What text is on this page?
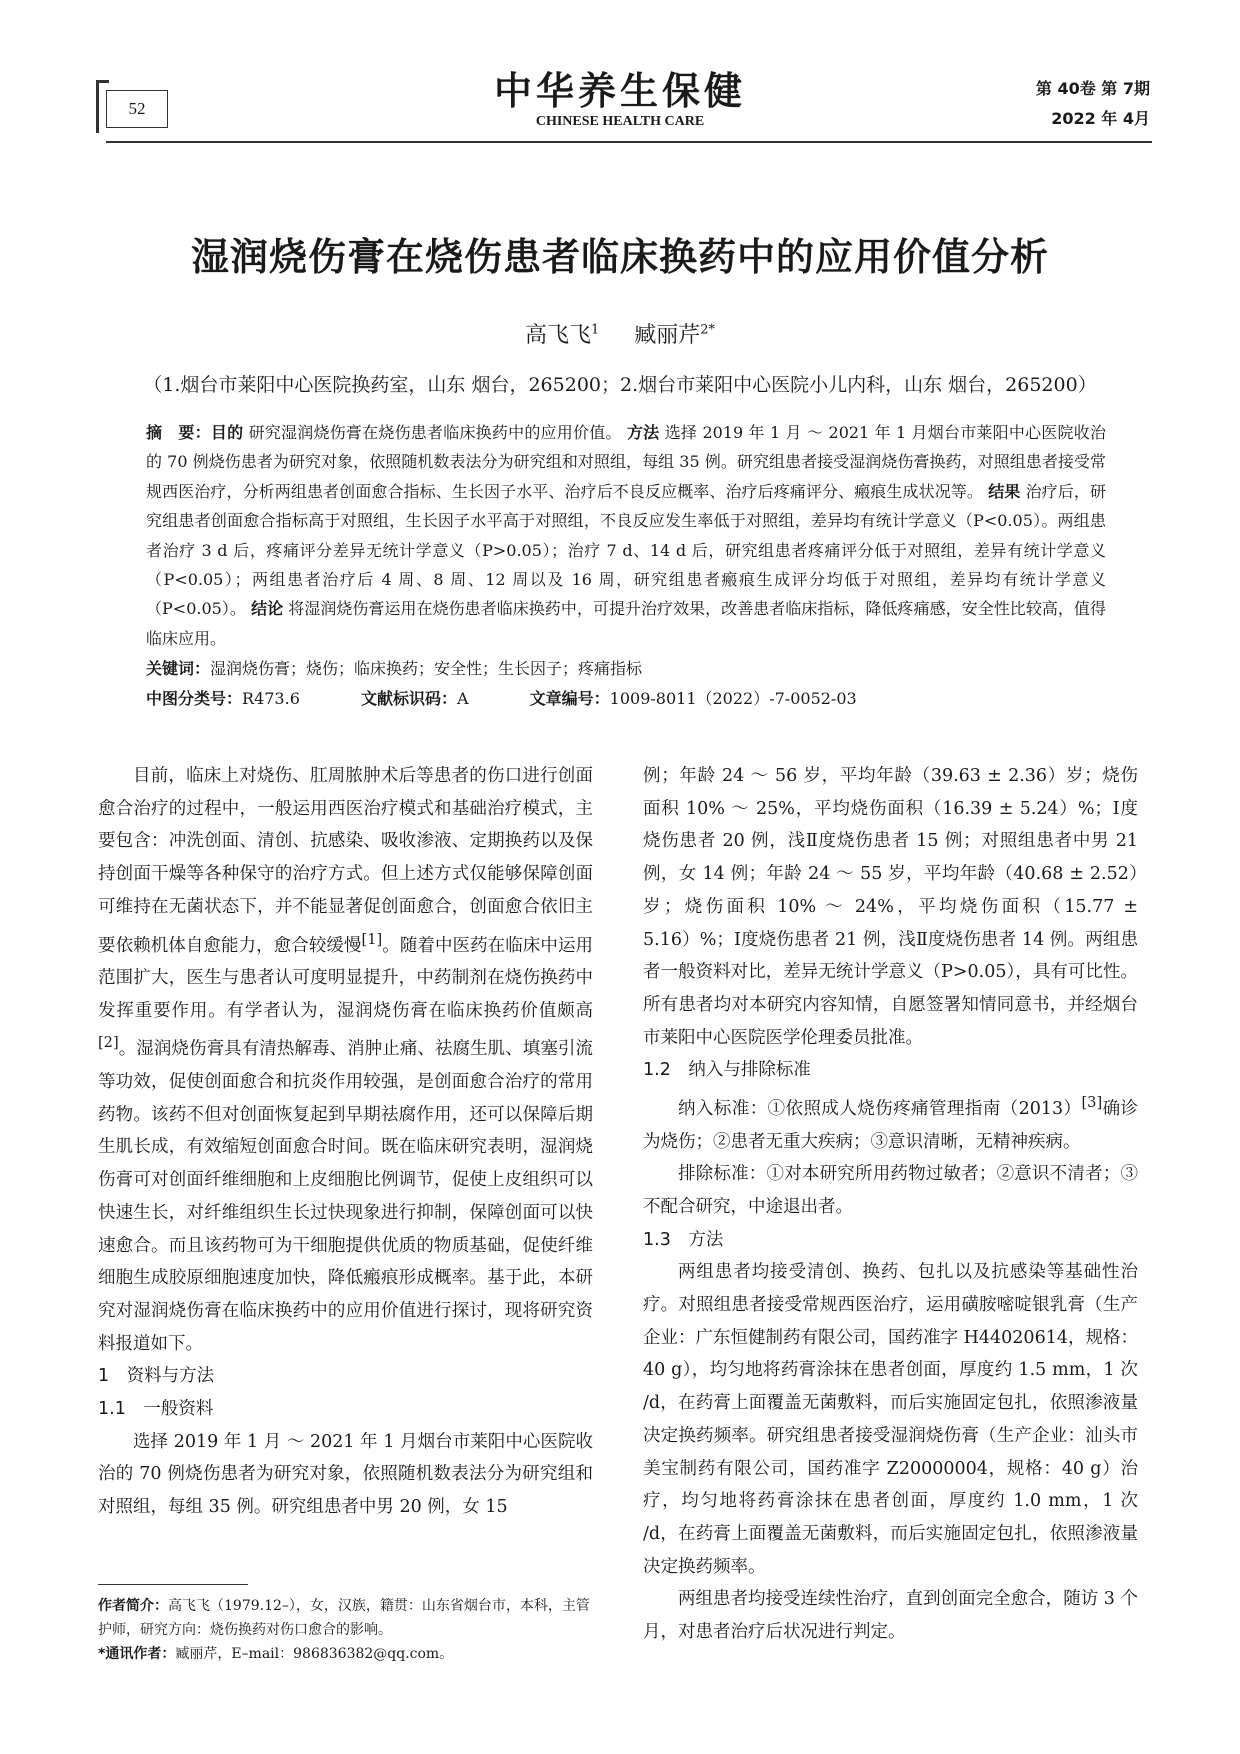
52	中华养生保健
CHINESE HEALTH CARE
第 40卷 第 7期
2022 年 4月
湿润烧伤膏在烧伤患者临床换药中的应用价值分析
高飞飞$^1$ 臧丽芹$^{2*}$
（1.烟台市莱阳中心医院换药室，山东 烟台，265200；2.烟台市莱阳中心医院小儿内科，山东 烟台，265200）
摘　要：目的 研究湿润烧伤膏在烧伤患者临床换药中的应用价值。 方法 选择 2019 年 1 月 ～ 2021 年 1 月烟台市莱阳中心医院收治的 70 例烧伤患者为研究对象，依照随机数表法分为研究组和对照组，每组 35 例。研究组患者接受湿润烧伤膏换药，对照组患者接受常规西医治疗，分析两组患者创面愈合指标、生长因子水平、治疗后不良反应概率、治疗后疼痛评分、瘢痕生成状况等。 结果 治疗后，研究组患者创面愈合指标高于对照组，生长因子水平高于对照组，不良反应发生率低于对照组，差异均有统计学意义（P<0.05）。两组患者治疗 3 d 后，疼痛评分差异无统计学意义（P>0.05）；治疗 7 d、14 d 后，研究组患者疼痛评分低于对照组，差异有统计学意义（P<0.05）；两组患者治疗后 4 周、8 周、12 周以及 16 周，研究组患者瘢痕生成评分均低于对照组，差异均有统计学意义（P<0.05）。 结论 将湿润烧伤膏运用在烧伤患者临床换药中，可提升治疗效果，改善患者临床指标，降低疼痛感，安全性比较高，值得临床应用。
关键词：湿润烧伤膏；烧伤；临床换药；安全性；生长因子；疼痛指标
中图分类号：R473.6	文献标识码：A	文章编号：1009-8011（2022）-7-0052-03

目前，临床上对烧伤、肛周脓肿术后等患者的伤口进行创面愈合治疗的过程中，一般运用西医治疗模式和基础治疗模式，主要包含：冲洗创面、清创、抗感染、吸收渗液、定期换药以及保持创面干燥等各种保守的治疗方式。但上述方式仅能够保障创面可维持在无菌状态下，并不能显著促创面愈合，创面愈合依旧主要依赖机体自愈能力，愈合较缓慢[1]。随着中医药在临床中运用范围扩大，医生与患者认可度明显提升，中药制剂在烧伤换药中发挥重要作用。有学者认为，湿润烧伤膏在临床换药价值颇高[2]。湿润烧伤膏具有清热解毒、消肿止痛、祛腐生肌、填塞引流等功效，促使创面愈合和抗炎作用较强，是创面愈合治疗的常用药物。该药不但对创面恢复起到早期祛腐作用，还可以保障后期生肌长成，有效缩短创面愈合时间。既在临床研究表明，湿润烧伤膏可对创面纤维细胞和上皮细胞比例调节，促使上皮组织可以快速生长，对纤维组织生长过快现象进行抑制，保障创面可以快速愈合。而且该药物可为干细胞提供优质的物质基础，促使纤维细胞生成胶原细胞速度加快，降低瘢痕形成概率。基于此，本研究对湿润烧伤膏在临床换药中的应用价值进行探讨，现将研究资料报道如下。

1　资料与方法
1.1　一般资料

选择 2019 年 1 月 ～ 2021 年 1 月烟台市莱阳中心医院收治的 70 例烧伤患者为研究对象，依照随机数表法分为研究组和对照组，每组 35 例。研究组患者中男 20 例，女 15

例；年龄 24 ～ 56 岁，平均年龄（39.63 ± 2.36）岁；烧伤面积 10% ～ 25%，平均烧伤面积（16.39 ± 5.24）%；Ⅰ度烧伤患者 20 例，浅Ⅱ度烧伤患者 15 例；对照组患者中男 21 例，女 14 例；年龄 24 ～ 55 岁，平均年龄（40.68 ± 2.52）岁；烧伤面积 10% ～ 24%，平均烧伤面积（15.77 ± 5.16）%；Ⅰ度烧伤患者 21 例，浅Ⅱ度烧伤患者 14 例。两组患者一般资料对比，差异无统计学意义（P>0.05），具有可比性。所有患者均对本研究内容知情，自愿签署知情同意书，并经烟台市莱阳中心医院医学伦理委员批准。

1.2　纳入与排除标准

纳入标准：①依照成人烧伤疼痛管理指南（2013）[3]确诊为烧伤；②患者无重大疾病；③意识清晰，无精神疾病。

排除标准：①对本研究所用药物过敏者；②意识不清者；③不配合研究，中途退出者。

1.3　方法

两组患者均接受清创、换药、包扎以及抗感染等基础性治疗。对照组患者接受常规西医治疗，运用磺胺嘧啶银乳膏（生产企业：广东恒健制药有限公司，国药准字 H44020614，规格：40 g），均匀地将药膏涂抹在患者创面，厚度约 1.5 mm，1 次 /d，在药膏上面覆盖无菌敷料，而后实施固定包扎，依照渗液量决定换药频率。研究组患者接受湿润烧伤膏（生产企业：汕头市美宝制药有限公司，国药准字 Z20000004，规格：40 g）治疗，均匀地将药膏涂抹在患者创面，厚度约 1.0 mm，1 次 /d，在药膏上面覆盖无菌敷料，而后实施固定包扎，依照渗液量决定换药频率。

两组患者均接受连续性治疗，直到创面完全愈合，随访 3 个月，对患者治疗后状况进行判定。

作者简介：高飞飞（1979.12–），女，汉族，籍贯：山东省烟台市，本科，主管护师，研究方向：烧伤换药对伤口愈合的影响。
*通讯作者：臧丽芹，E–mail：986836382@qq.com。
